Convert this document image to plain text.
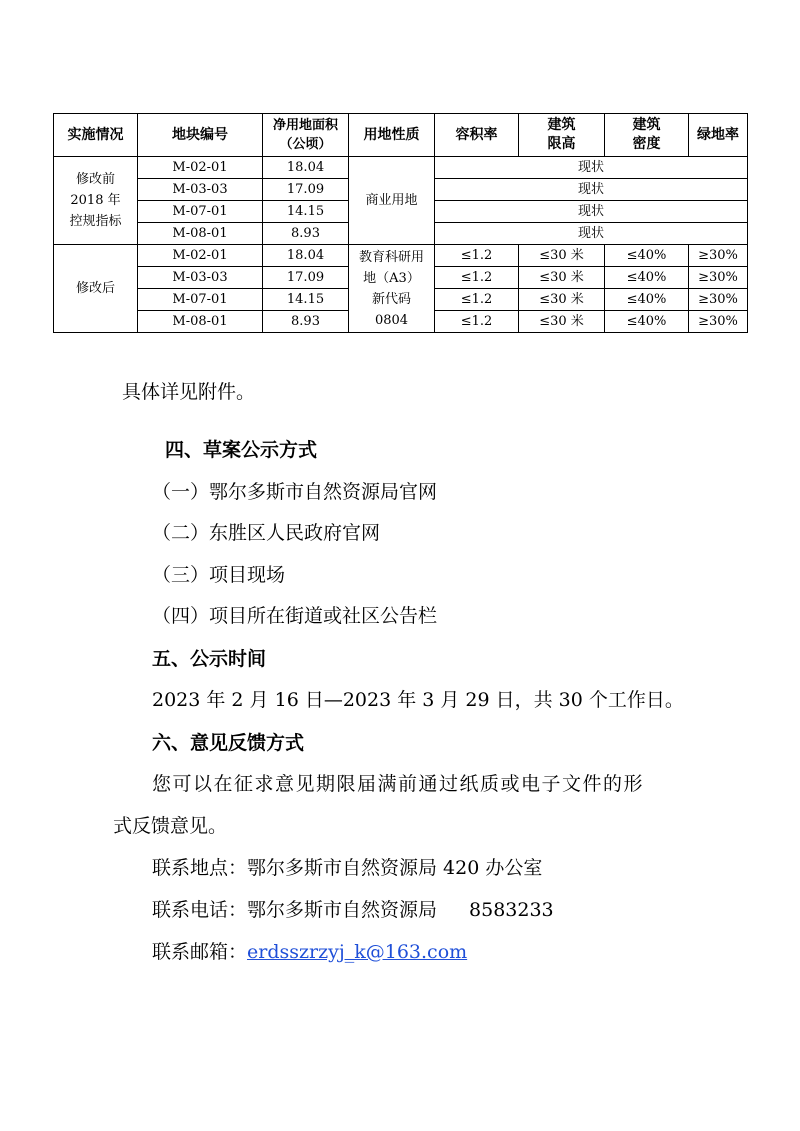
实施情况	地块编号	净用地面积（公顷）	用地性质	容积率	建筑限高	建筑密度	绿地率
修改前 2018 年控规指标	M-02-01	18.04	商业用地	现状			
	M-03-03	17.09		现状			
	M-07-01	14.15		现状			
	M-08-01	8.93		现状			
修改后	M-02-01	18.04	教育科研用地（A3）新代码 0804	≤1.2	≤30 米	≤40%	≥30%
	M-03-03	17.09		≤1.2	≤30 米	≤40%	≥30%
	M-07-01	14.15		≤1.2	≤30 米	≤40%	≥30%
	M-08-01	8.93		≤1.2	≤30 米	≤40%	≥30%
具体详见附件。
四、草案公示方式
（一）鄂尔多斯市自然资源局官网
（二）东胜区人民政府官网
（三）项目现场
（四）项目所在街道或社区公告栏
五、公示时间
2023 年 2 月 16 日—2023 年 3 月 29 日，共 30 个工作日。
六、意见反馈方式
您可以在征求意见期限届满前通过纸质或电子文件的形
式反馈意见。
联系地点：鄂尔多斯市自然资源局 420 办公室
联系电话：鄂尔多斯市自然资源局 8583233
联系邮箱：erdsszrzyj_k@163.com
